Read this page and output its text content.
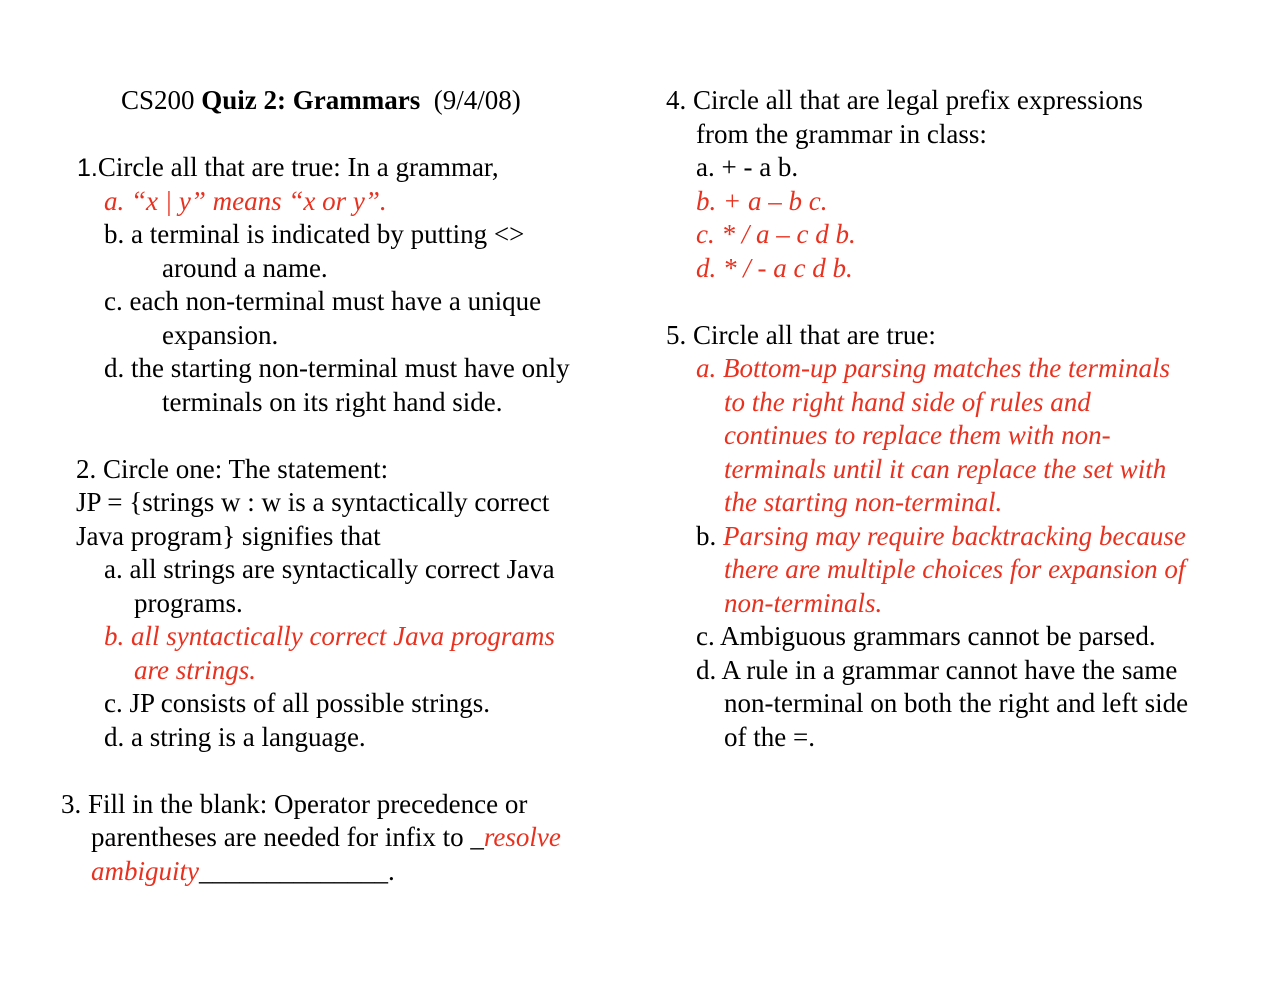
CS200 Quiz 2: Grammars (9/4/08)
1.Circle all that are true: In a grammar,
a. “x | y” means “x or y”.
b. a terminal is indicated by putting <>
around a name.
c. each non-terminal must have a unique
expansion.
d. the starting non-terminal must have only
terminals on its right hand side.
2. Circle one: The statement:
JP = {strings w : w is a syntactically correct
Java program} signifies that
a. all strings are syntactically correct Java
programs.
b. all syntactically correct Java programs
are strings.
c. JP consists of all possible strings.
d. a string is a language.
3. Fill in the blank: Operator precedence or
parentheses are needed for infix to _resolve
ambiguity______________.
4. Circle all that are legal prefix expressions
from the grammar in class:
a. + - a b.
b. + a – b c.
c. * / a – c d b.
d. * / - a c d b.
5. Circle all that are true:
a. Bottom-up parsing matches the terminals
to the right hand side of rules and
continues to replace them with non-
terminals until it can replace the set with
the starting non-terminal.
b. Parsing may require backtracking because
there are multiple choices for expansion of
non-terminals.
c. Ambiguous grammars cannot be parsed.
d. A rule in a grammar cannot have the same
non-terminal on both the right and left side
of the =.
